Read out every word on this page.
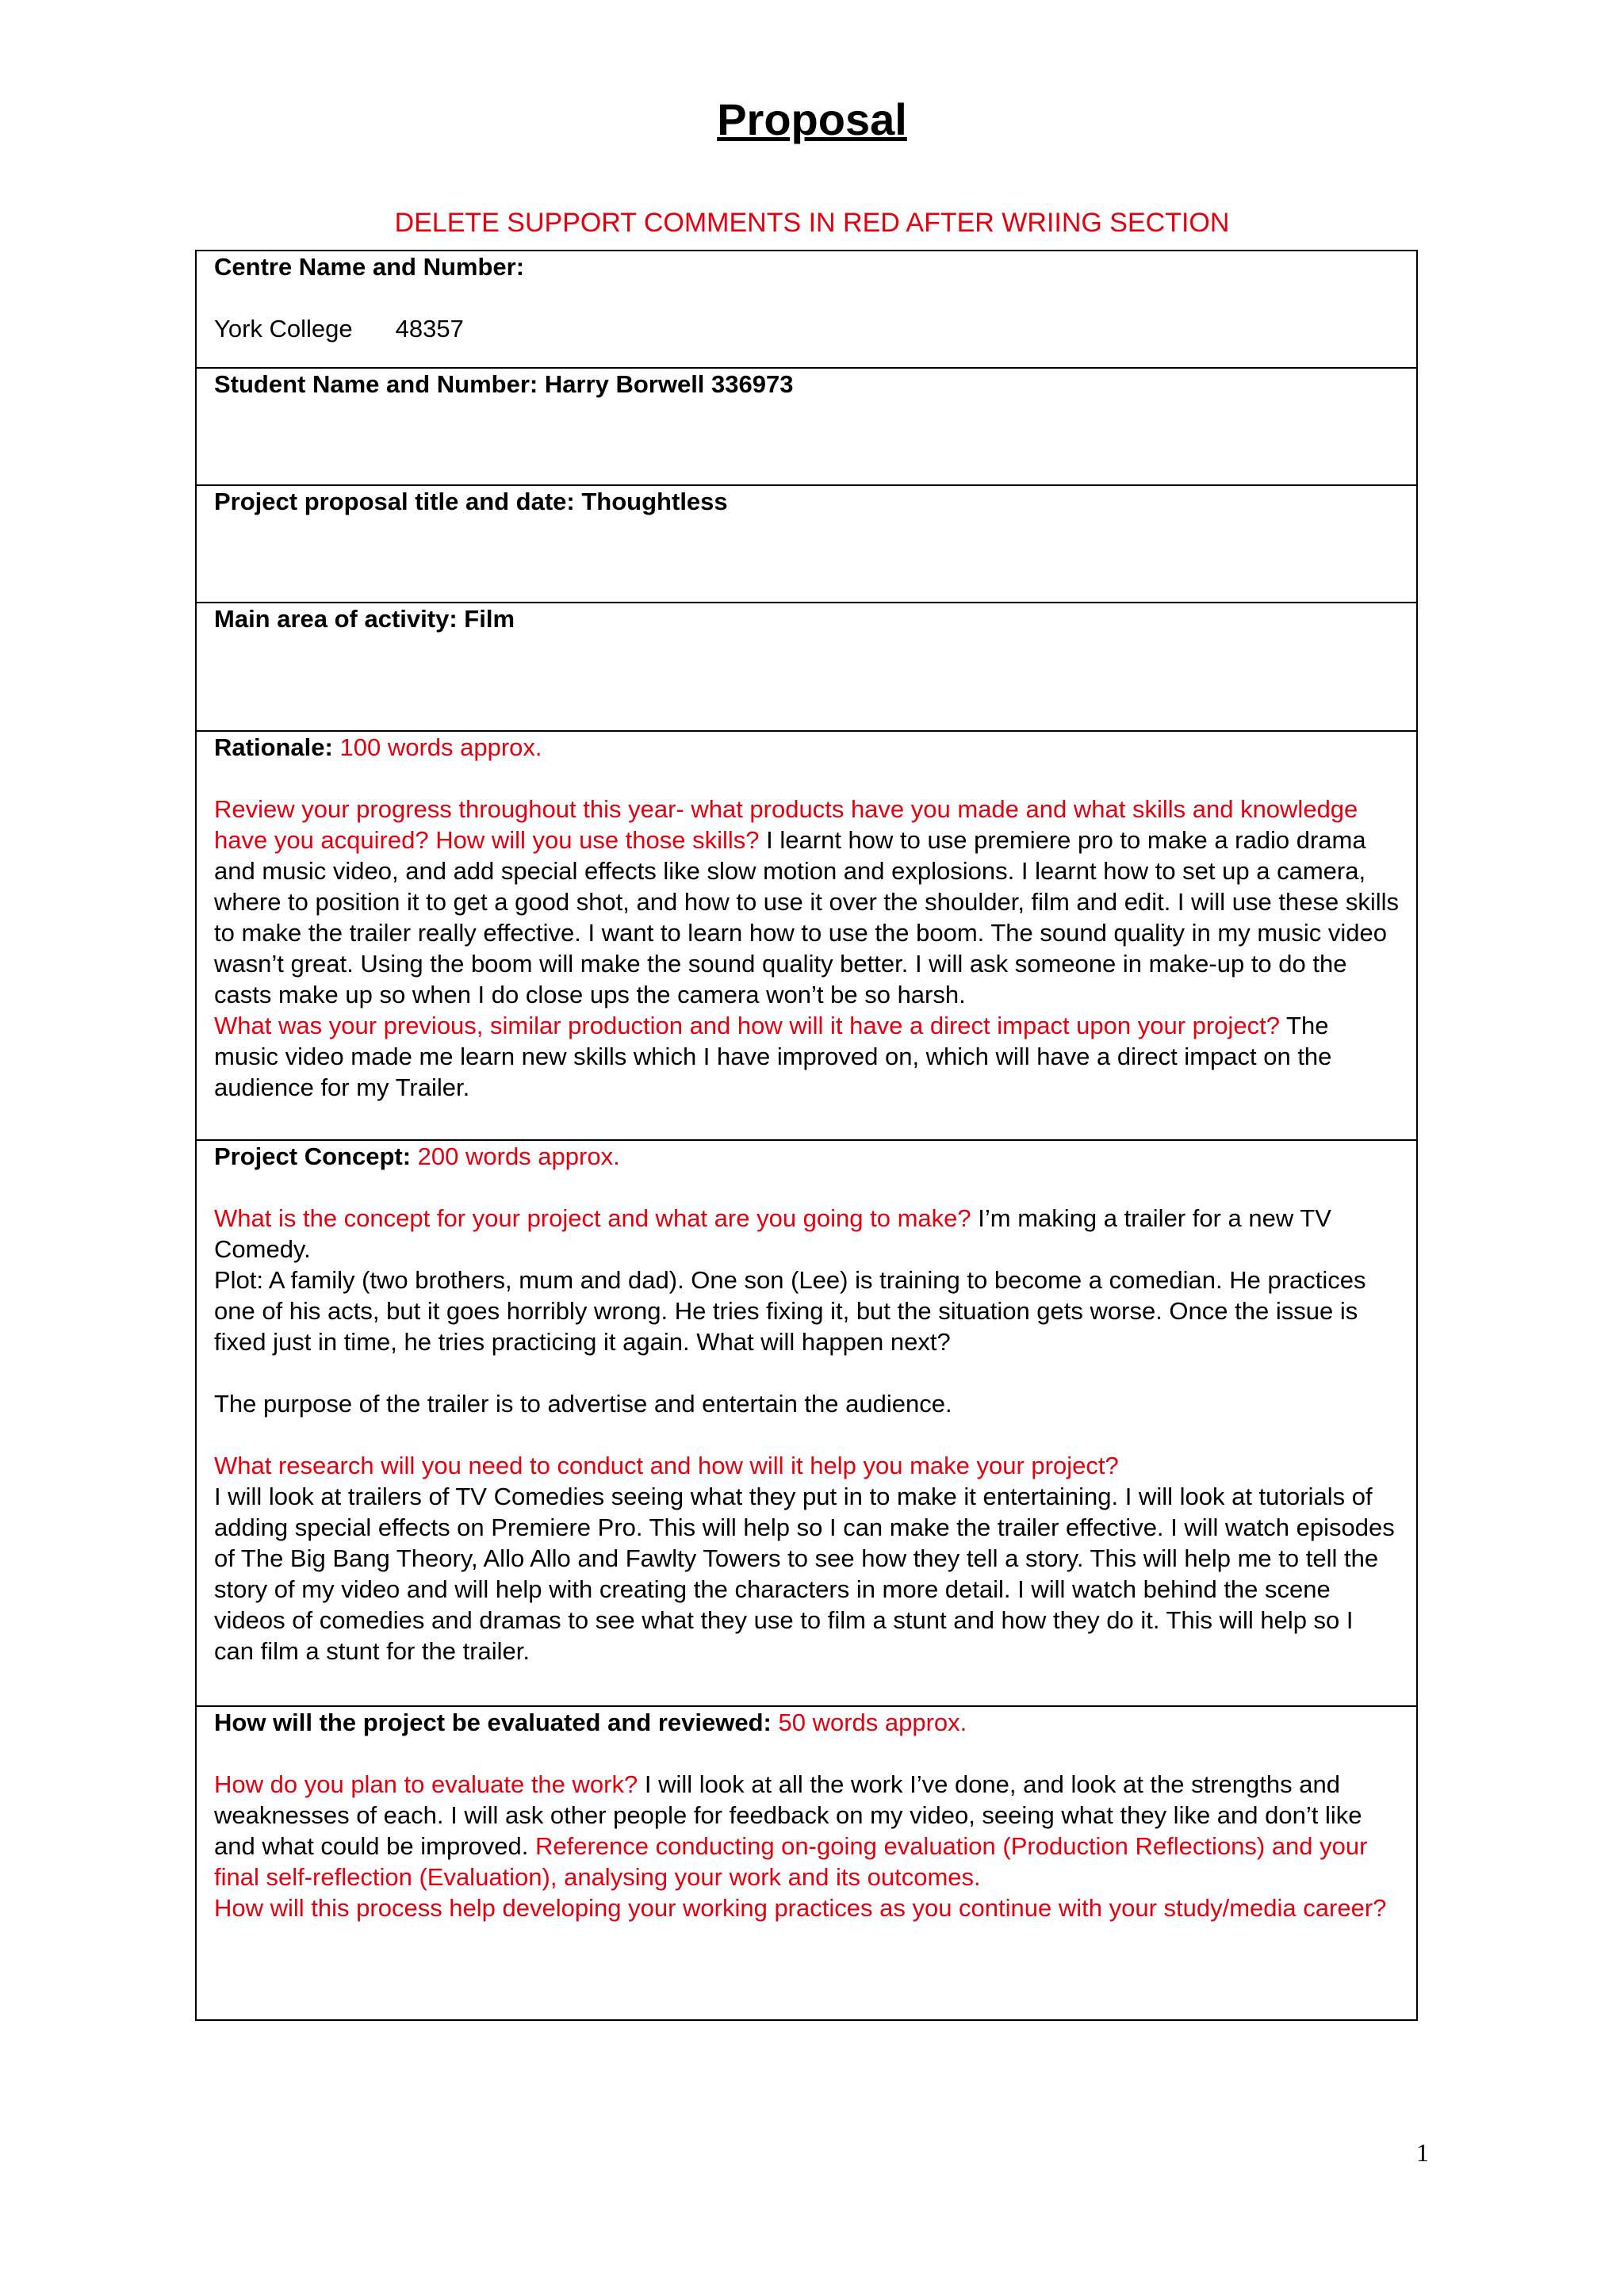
Proposal

DELETE SUPPORT COMMENTS IN RED AFTER WRIING SECTION

Centre Name and Number:

York College 48357

Student Name and Number: Harry Borwell 336973

Project proposal title and date: Thoughtless

Main area of activity: Film

Rationale: 100 words approx.

Review your progress throughout this year- what products have you made and what skills and knowledge have you acquired? How will you use those skills? I learnt how to use premiere pro to make a radio drama and music video, and add special effects like slow motion and explosions. I learnt how to set up a camera, where to position it to get a good shot, and how to use it over the shoulder, film and edit. I will use these skills to make the trailer really effective. I want to learn how to use the boom. The sound quality in my music video wasn’t great. Using the boom will make the sound quality better. I will ask someone in make-up to do the casts make up so when I do close ups the camera won’t be so harsh.

What was your previous, similar production and how will it have a direct impact upon your project? The music video made me learn new skills which I have improved on, which will have a direct impact on the audience for my Trailer.

Project Concept: 200 words approx.

What is the concept for your project and what are you going to make? I’m making a trailer for a new TV Comedy.

Plot: A family (two brothers, mum and dad). One son (Lee) is training to become a comedian. He practices one of his acts, but it goes horribly wrong. He tries fixing it, but the situation gets worse. Once the issue is fixed just in time, he tries practicing it again. What will happen next?

The purpose of the trailer is to advertise and entertain the audience.

What research will you need to conduct and how will it help you make your project?

I will look at trailers of TV Comedies seeing what they put in to make it entertaining. I will look at tutorials of adding special effects on Premiere Pro. This will help so I can make the trailer effective. I will watch episodes of The Big Bang Theory, Allo Allo and Fawlty Towers to see how they tell a story. This will help me to tell the story of my video and will help with creating the characters in more detail. I will watch behind the scene videos of comedies and dramas to see what they use to film a stunt and how they do it. This will help so I can film a stunt for the trailer.

How will the project be evaluated and reviewed: 50 words approx.

How do you plan to evaluate the work? I will look at all the work I’ve done, and look at the strengths and weaknesses of each. I will ask other people for feedback on my video, seeing what they like and don’t like and what could be improved. Reference conducting on-going evaluation (Production Reflections) and your final self-reflection (Evaluation), analysing your work and its outcomes.

How will this process help developing your working practices as you continue with your study/media career?

1
